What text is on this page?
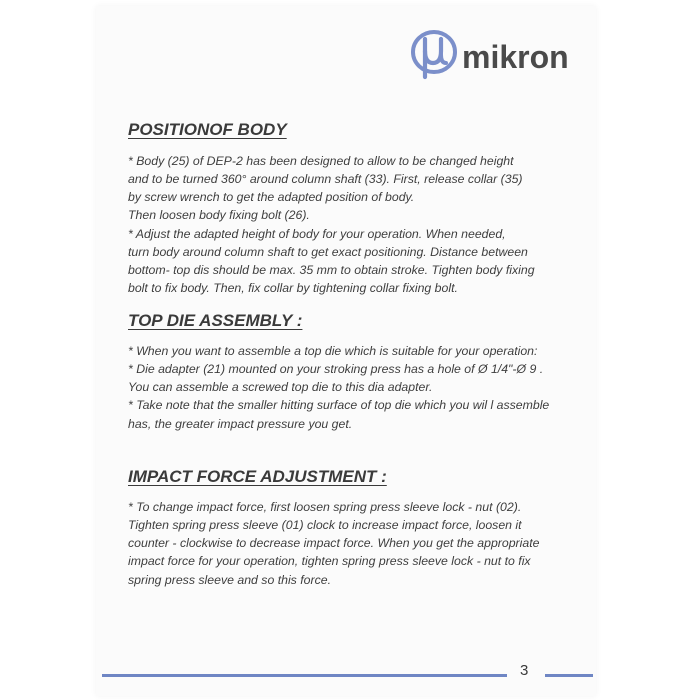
mikron
POSITIONOF BODY

* Body (25) of DEP-2 has been designed to allow to be changed height

and to be turned 360° around column shaft (33). First, release collar (35)

by screw wrench to get the adapted position of body.

Then loosen body fixing bolt (26).

* Adjust the adapted height of body for your operation. When needed,

turn body around column shaft to get exact positioning. Distance between

bottom- top dis should be max. 35 mm to obtain stroke. Tighten body fixing

bolt to fix body. Then, fix collar by tightening collar fixing bolt.

TOP DIE ASSEMBLY :

* When you want to assemble a top die which is suitable for your operation:

* Die adapter (21) mounted on your stroking press has a hole of Ø 1/4"-Ø 9 .

You can assemble a screwed top die to this dia adapter.

* Take note that the smaller hitting surface of top die which you wil l assemble

has, the greater impact pressure you get.

IMPACT FORCE ADJUSTMENT :

* To change impact force, first loosen spring press sleeve lock - nut (02).

Tighten spring press sleeve (01) clock to increase impact force, loosen it

counter - clockwise to decrease impact force. When you get the appropriate

impact force for your operation, tighten spring press sleeve lock - nut to fix

spring press sleeve and so this force.

3
